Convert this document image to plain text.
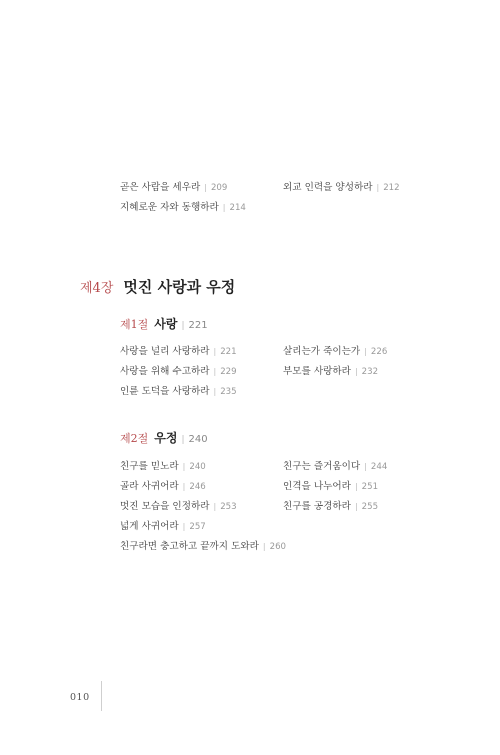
곧은 사람을 세우라 | 209	외교 인력을 양성하라 | 212
지혜로운 자와 동행하라 | 214
제4장 멋진 사랑과 우정
제1절 사랑 | 221
사랑을 널리 사랑하라 | 221	살리는가 죽이는가 | 226
사랑을 위해 수고하라 | 229	부모를 사랑하라 | 232
인륜 도덕을 사랑하라 | 235
제2절 우정 | 240
친구를 믿노라 | 240	친구는 즐거움이다 | 244
골라 사귀어라 | 246	인격을 나누어라 | 251
멋진 모습을 인정하라 | 253	친구를 공경하라 | 255
넓게 사귀어라 | 257
친구라면 충고하고 끝까지 도와라 | 260
010
